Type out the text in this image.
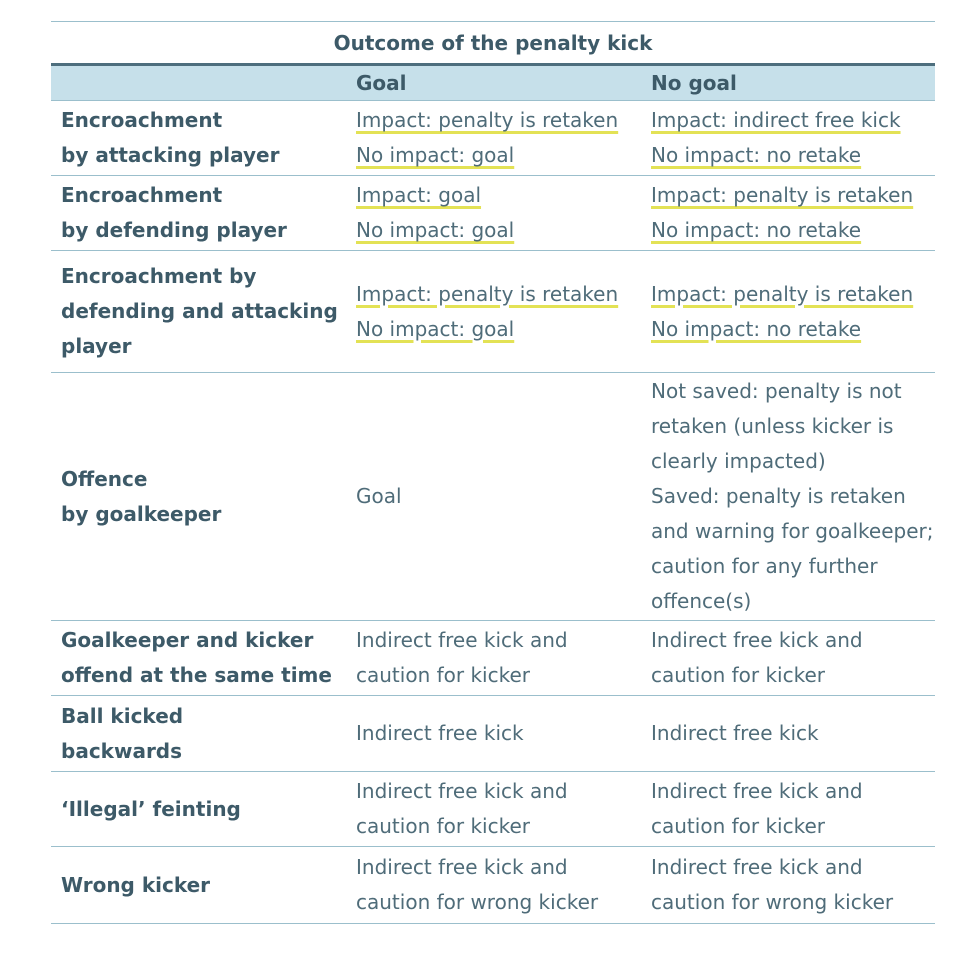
Outcome of the penalty kick
Goal	No goal
Encroachment
by attacking player
Impact: penalty is retaken
No impact: goal
Impact: indirect free kick
No impact: no retake
Encroachment
by defending player
Impact: goal
No impact: goal
Impact: penalty is retaken
No impact: no retake
Encroachment by
defending and attacking
player
Impact: penalty is retaken
No impact: goal
Impact: penalty is retaken
No impact: no retake
Offence
by goalkeeper
Goal
Not saved: penalty is not
retaken (unless kicker is
clearly impacted)
Saved: penalty is retaken
and warning for goalkeeper;
caution for any further
offence(s)
Goalkeeper and kicker
offend at the same time
Indirect free kick and
caution for kicker
Indirect free kick and
caution for kicker
Ball kicked
backwards
Indirect free kick	Indirect free kick
‘Illegal’ feinting
Indirect free kick and
caution for kicker
Indirect free kick and
caution for kicker
Wrong kicker
Indirect free kick and
caution for wrong kicker
Indirect free kick and
caution for wrong kicker
